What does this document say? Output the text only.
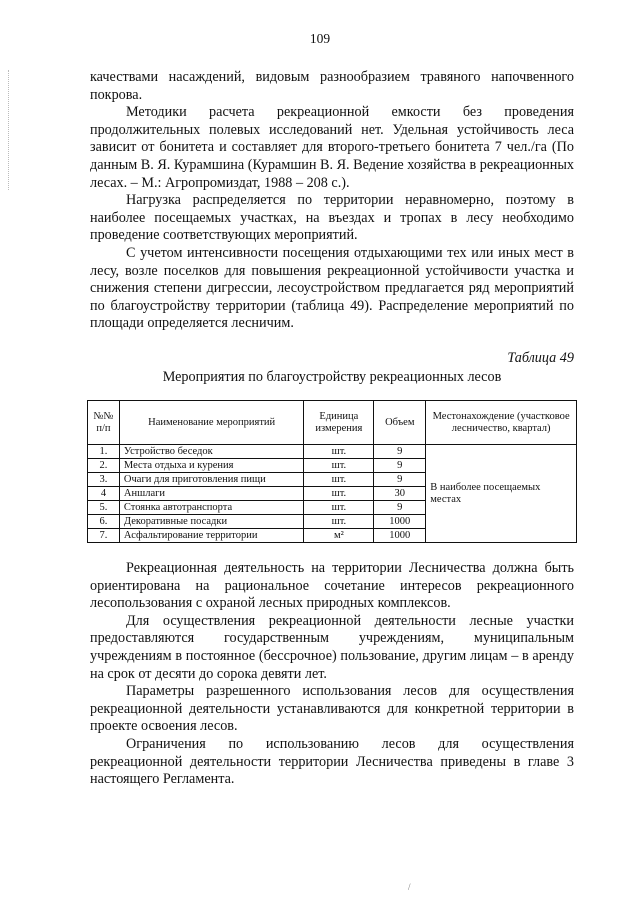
109

качествами насаждений, видовым разнообразием травяного напочвенного покрова.

Методики расчета рекреационной емкости без проведения продолжительных полевых исследований нет. Удельная устойчивость леса зависит от бонитета и составляет для второго-третьего бонитета 7 чел./га (По данным В. Я. Курамшина (Курамшин В. Я. Ведение хозяйства в рекреационных лесах. – М.: Агропромиздат, 1988 – 208 с.).

Нагрузка распределяется по территории неравномерно, поэтому в наиболее посещаемых участках, на въездах и тропах в лесу необходимо проведение соответствующих мероприятий.

С учетом интенсивности посещения отдыхающими тех или иных мест в лесу, возле поселков для повышения рекреационной устойчивости участка и снижения степени дигрессии, лесоустройством предлагается ряд мероприятий по благоустройству территории (таблица 49). Распределение мероприятий по площади определяется лесничим.

Таблица 49
Мероприятия по благоустройству рекреационных лесов
№№ п/п	Наименование мероприятий	Единица измерения	Объем	Местонахождение (участковое лесничество, квартал)
1.	Устройство беседок	шт.	9	В наиболее посещаемых местах
2.	Места отдыха и курения	шт.	9	
3.	Очаги для приготовления пищи	шт.	9	
4	Аншлаги	шт.	30	
5.	Стоянка автотранспорта	шт.	9	
6.	Декоративные посадки	шт.	1000	
7.	Асфальтирование территории	м²	1000	

Рекреационная деятельность на территории Лесничества должна быть ориентирована на рациональное сочетание интересов рекреационного лесопользования с охраной лесных природных комплексов.

Для осуществления рекреационной деятельности лесные участки предоставляются государственным учреждениям, муниципальным учреждениям в постоянное (бессрочное) пользование, другим лицам – в аренду на срок от десяти до сорока девяти лет.

Параметры разрешенного использования лесов для осуществления рекреационной деятельности устанавливаются для конкретной территории в проекте освоения лесов.

Ограничения по использованию лесов для осуществления рекреационной деятельности территории Лесничества приведены в главе 3 настоящего Регламента.

/
